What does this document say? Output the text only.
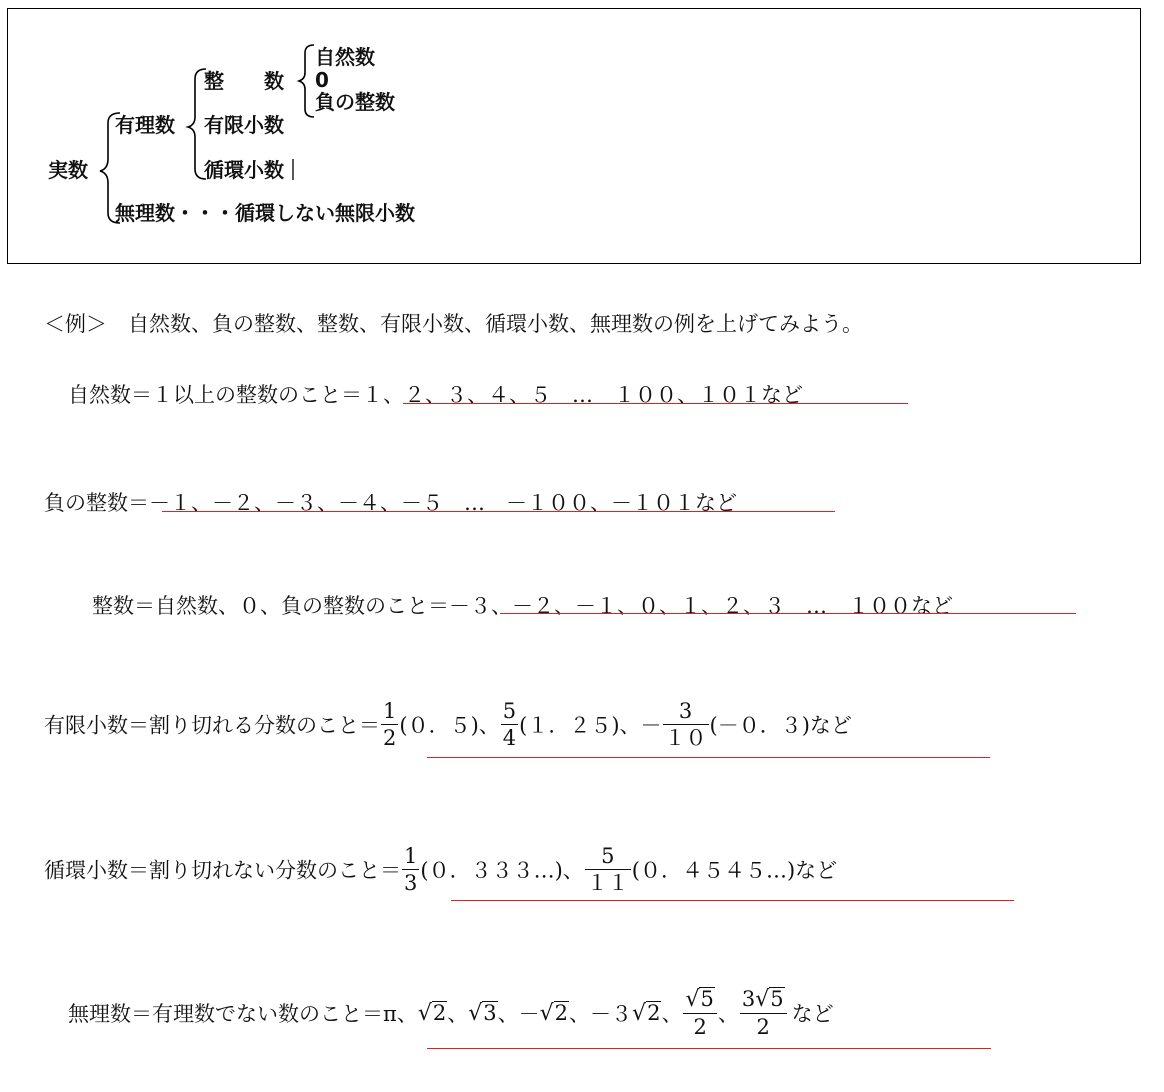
実数
有理数
整　　数
自然数
0
負の整数
有限小数
循環小数
無理数・・・循環しない無限小数
＜例＞　自然数、負の整数、整数、有限小数、循環小数、無理数の例を上げてみよう。
自然数＝１以上の整数のこと＝１、２、３、４、５　…　１００、１０１など
負の整数＝－１、－２、－３、－４、－５　…　－１００、－１０１など
整数＝自然数、０、負の整数のこと＝－３、－２、－１、０、１、２、３　…　１００など
有限小数＝割り切れる分数のこと＝ $\frac{1}{2} (0$．５)、 $\frac{5}{4} (1$．２５)、－ $\frac{3}{10} (-0$．３)など
循環小数＝割り切れない分数のこと＝ $\frac{1}{3} (0$．３３３…)、 $\frac{5}{11} (0$．４５４５…)など
無理数＝有理数でない数のこと＝π、√2、√3、－√2、－３√2、 $\frac{√5}{2}$ 、 $\frac{3√5}{2}$ など
